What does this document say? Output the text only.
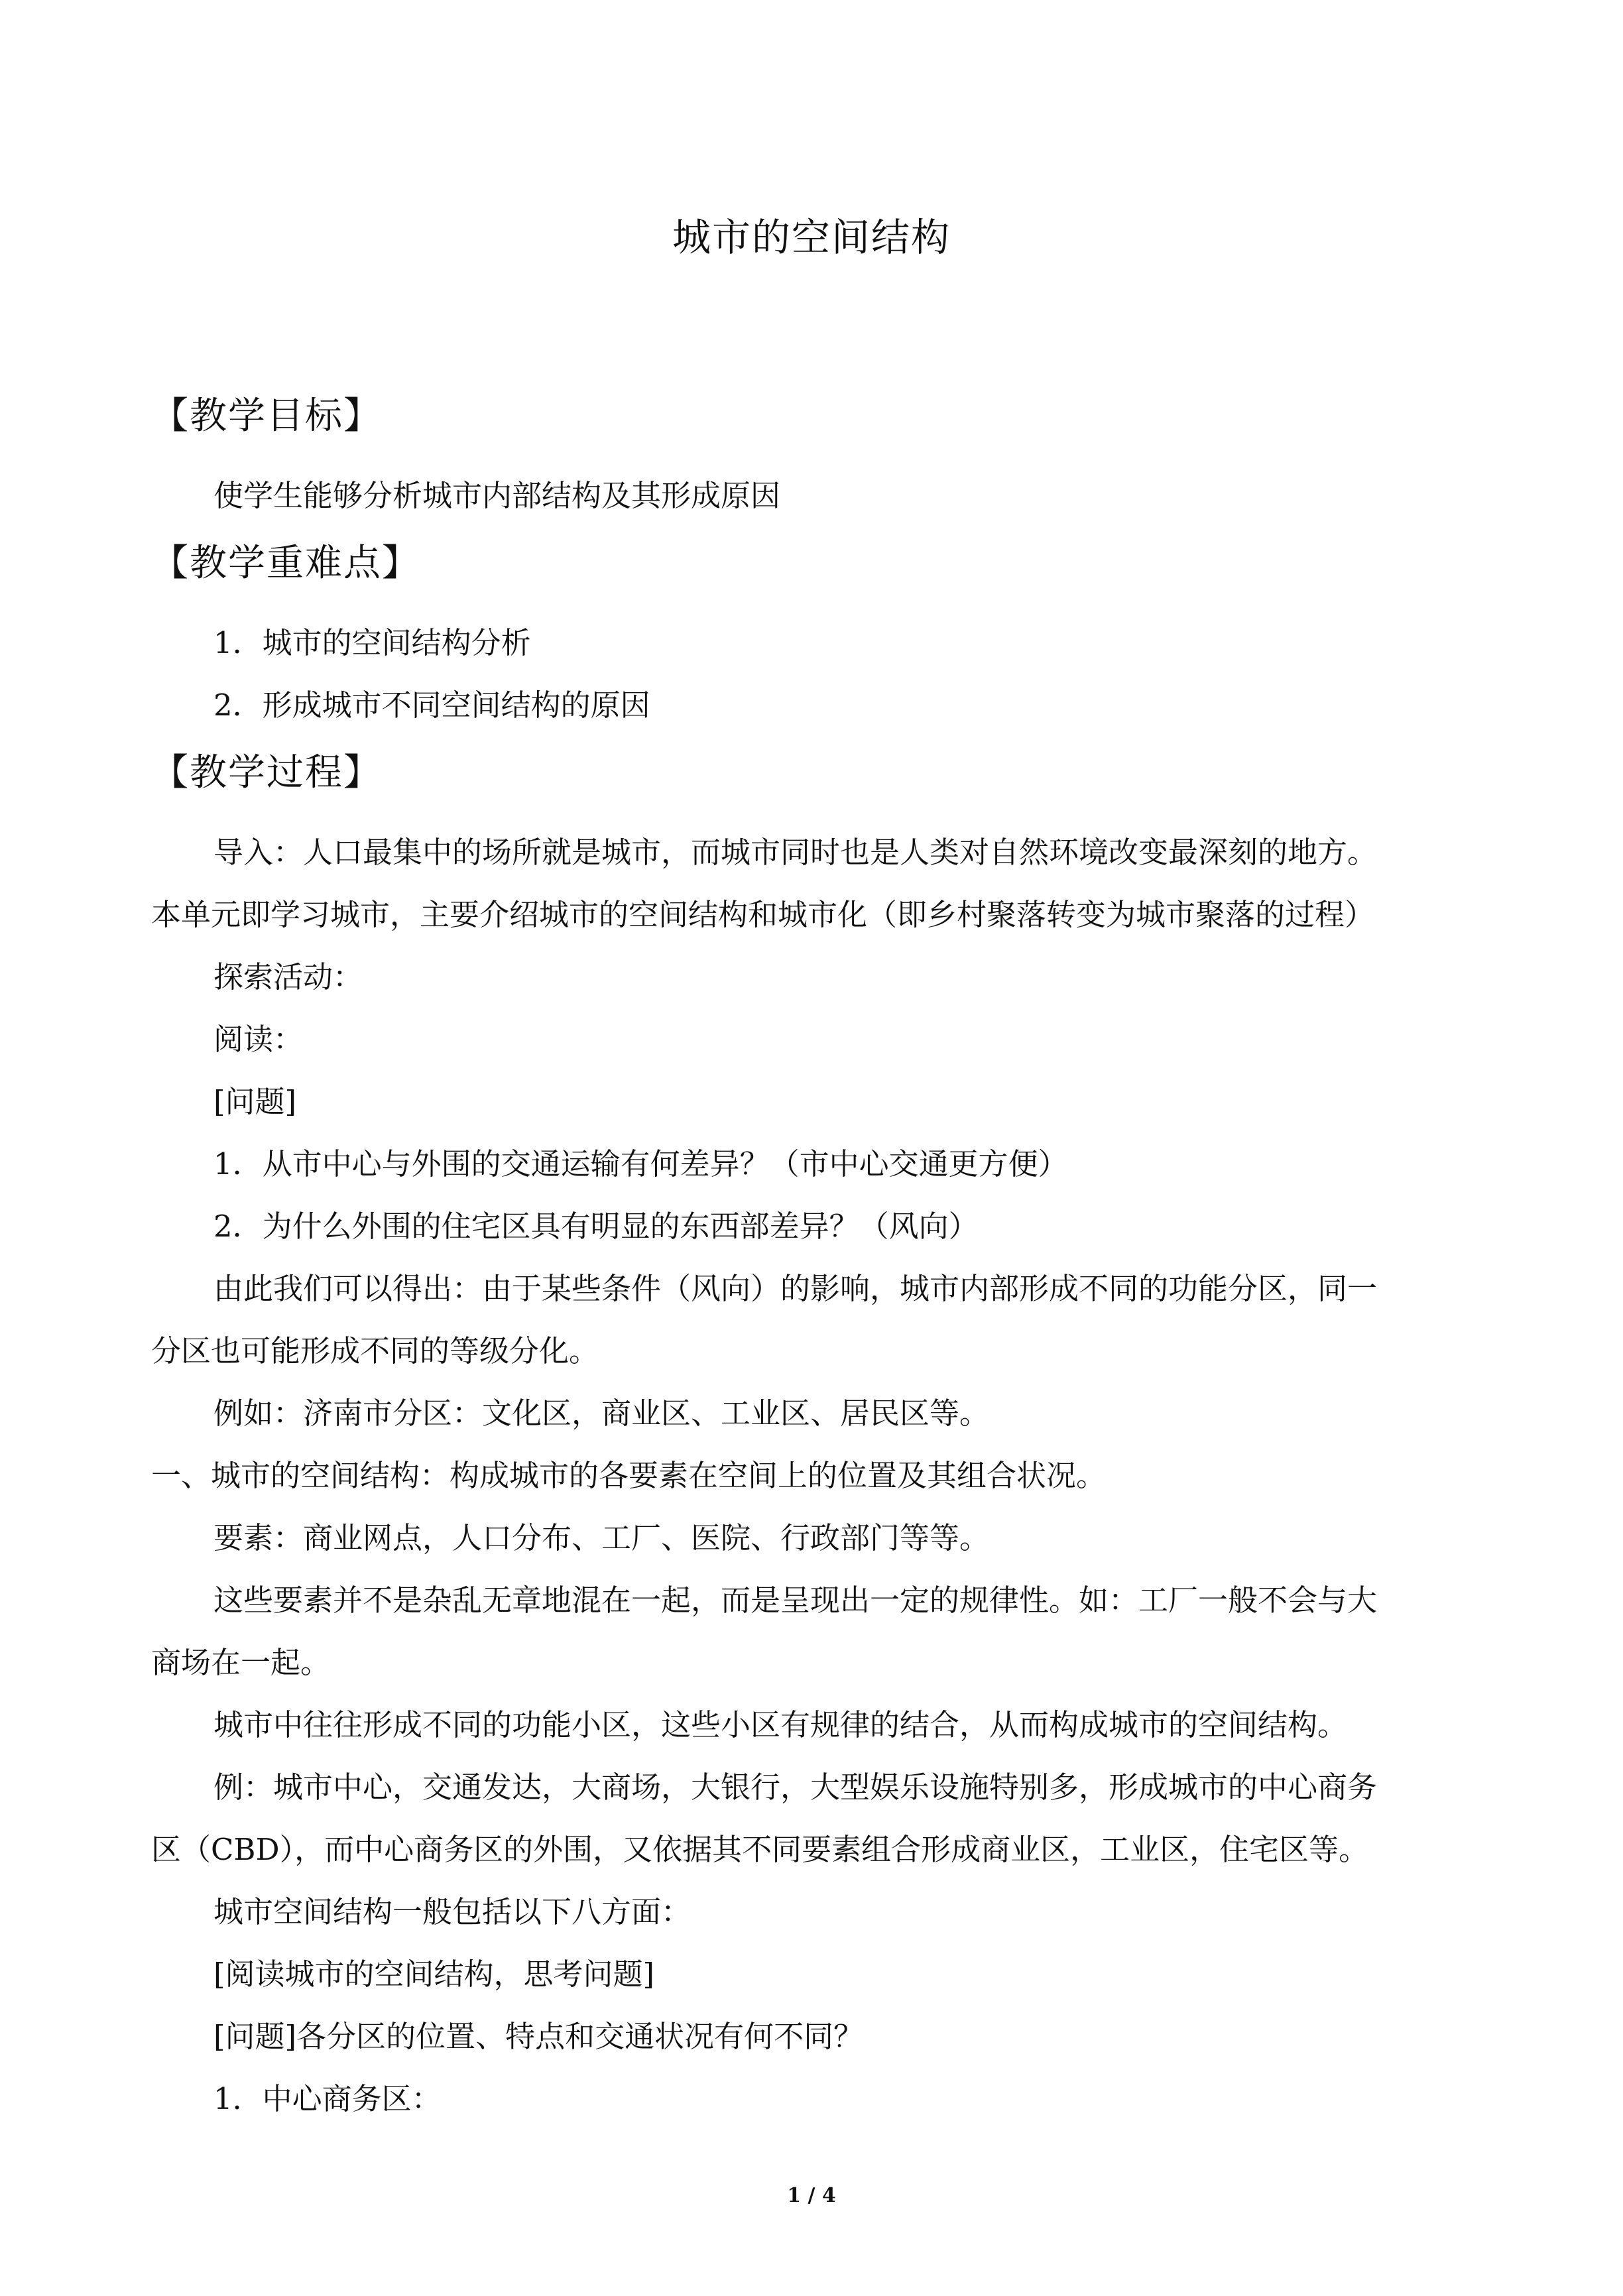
城市的空间结构
【教学目标】
使学生能够分析城市内部结构及其形成原因
【教学重难点】
1．城市的空间结构分析
2．形成城市不同空间结构的原因
【教学过程】
导入：人口最集中的场所就是城市，而城市同时也是人类对自然环境改变最深刻的地方。
本单元即学习城市，主要介绍城市的空间结构和城市化（即乡村聚落转变为城市聚落的过程）
探索活动：
阅读：
[问题]
1．从市中心与外围的交通运输有何差异？（市中心交通更方便）
2．为什么外围的住宅区具有明显的东西部差异？（风向）
由此我们可以得出：由于某些条件（风向）的影响，城市内部形成不同的功能分区，同一
分区也可能形成不同的等级分化。
例如：济南市分区：文化区，商业区、工业区、居民区等。
一、城市的空间结构：构成城市的各要素在空间上的位置及其组合状况。
要素：商业网点，人口分布、工厂、医院、行政部门等等。
这些要素并不是杂乱无章地混在一起，而是呈现出一定的规律性。如：工厂一般不会与大
商场在一起。
城市中往往形成不同的功能小区，这些小区有规律的结合，从而构成城市的空间结构。
例：城市中心，交通发达，大商场，大银行，大型娱乐设施特别多，形成城市的中心商务
区（CBD），而中心商务区的外围，又依据其不同要素组合形成商业区，工业区，住宅区等。
城市空间结构一般包括以下八方面：
[阅读城市的空间结构，思考问题]
[问题]各分区的位置、特点和交通状况有何不同？
1．中心商务区：
1 / 4
